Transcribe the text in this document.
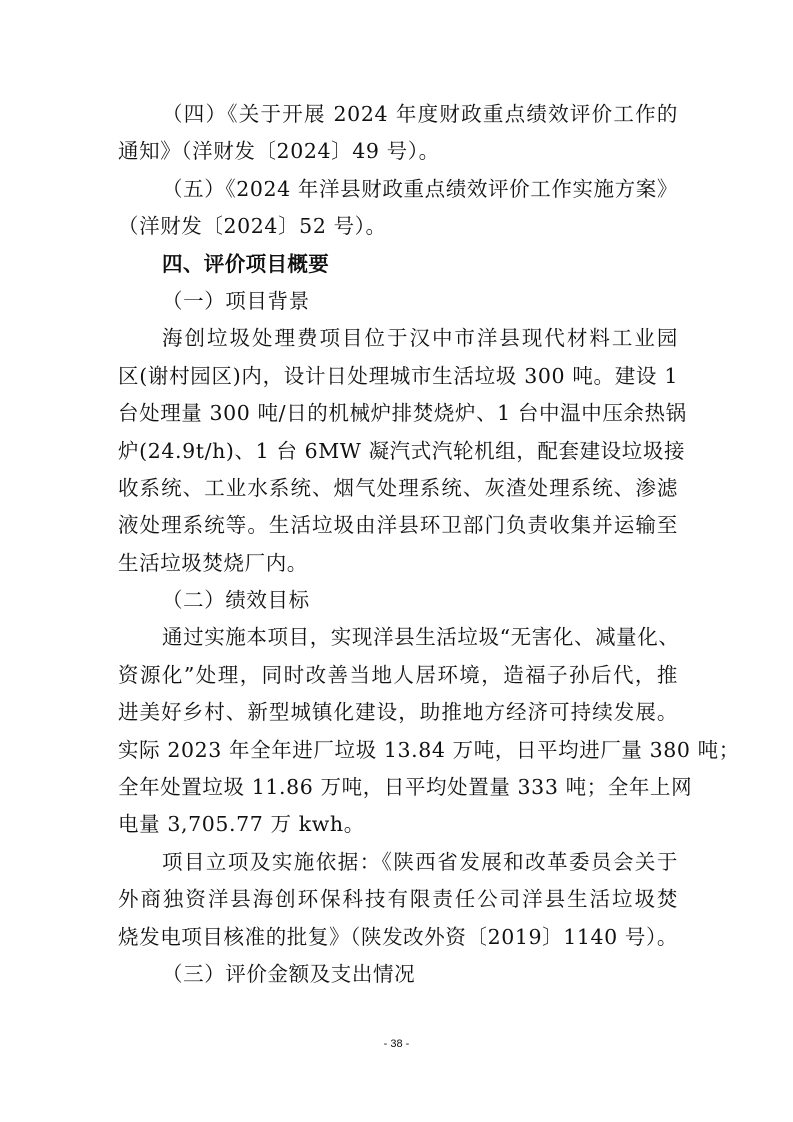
（四）《关于开展 2024 年度财政重点绩效评价工作的

通知》（洋财发〔2024〕49 号）。

（五）《2024 年洋县财政重点绩效评价工作实施方案》

（洋财发〔2024〕52 号）。

四、评价项目概要

（一）项目背景

海创垃圾处理费项目位于汉中市洋县现代材料工业园

区(谢村园区)内，设计日处理城市生活垃圾 300 吨。建设 1

台处理量 300 吨/日的机械炉排焚烧炉、1 台中温中压余热锅

炉(24.9t/h)、1 台 6MW 凝汽式汽轮机组，配套建设垃圾接

收系统、工业水系统、烟气处理系统、灰渣处理系统、渗滤

液处理系统等。生活垃圾由洋县环卫部门负责收集并运输至

生活垃圾焚烧厂内。

（二）绩效目标

通过实施本项目，实现洋县生活垃圾“无害化、减量化、

资源化”处理，同时改善当地人居环境，造福子孙后代，推

进美好乡村、新型城镇化建设，助推地方经济可持续发展。

实际 2023 年全年进厂垃圾 13.84 万吨，日平均进厂量 380 吨；

全年处置垃圾 11.86 万吨，日平均处置量 333 吨；全年上网

电量 3,705.77 万 kwh。

项目立项及实施依据：《陕西省发展和改革委员会关于

外商独资洋县海创环保科技有限责任公司洋县生活垃圾焚

烧发电项目核准的批复》（陕发改外资〔2019〕1140 号）。

（三）评价金额及支出情况

- 38 -
